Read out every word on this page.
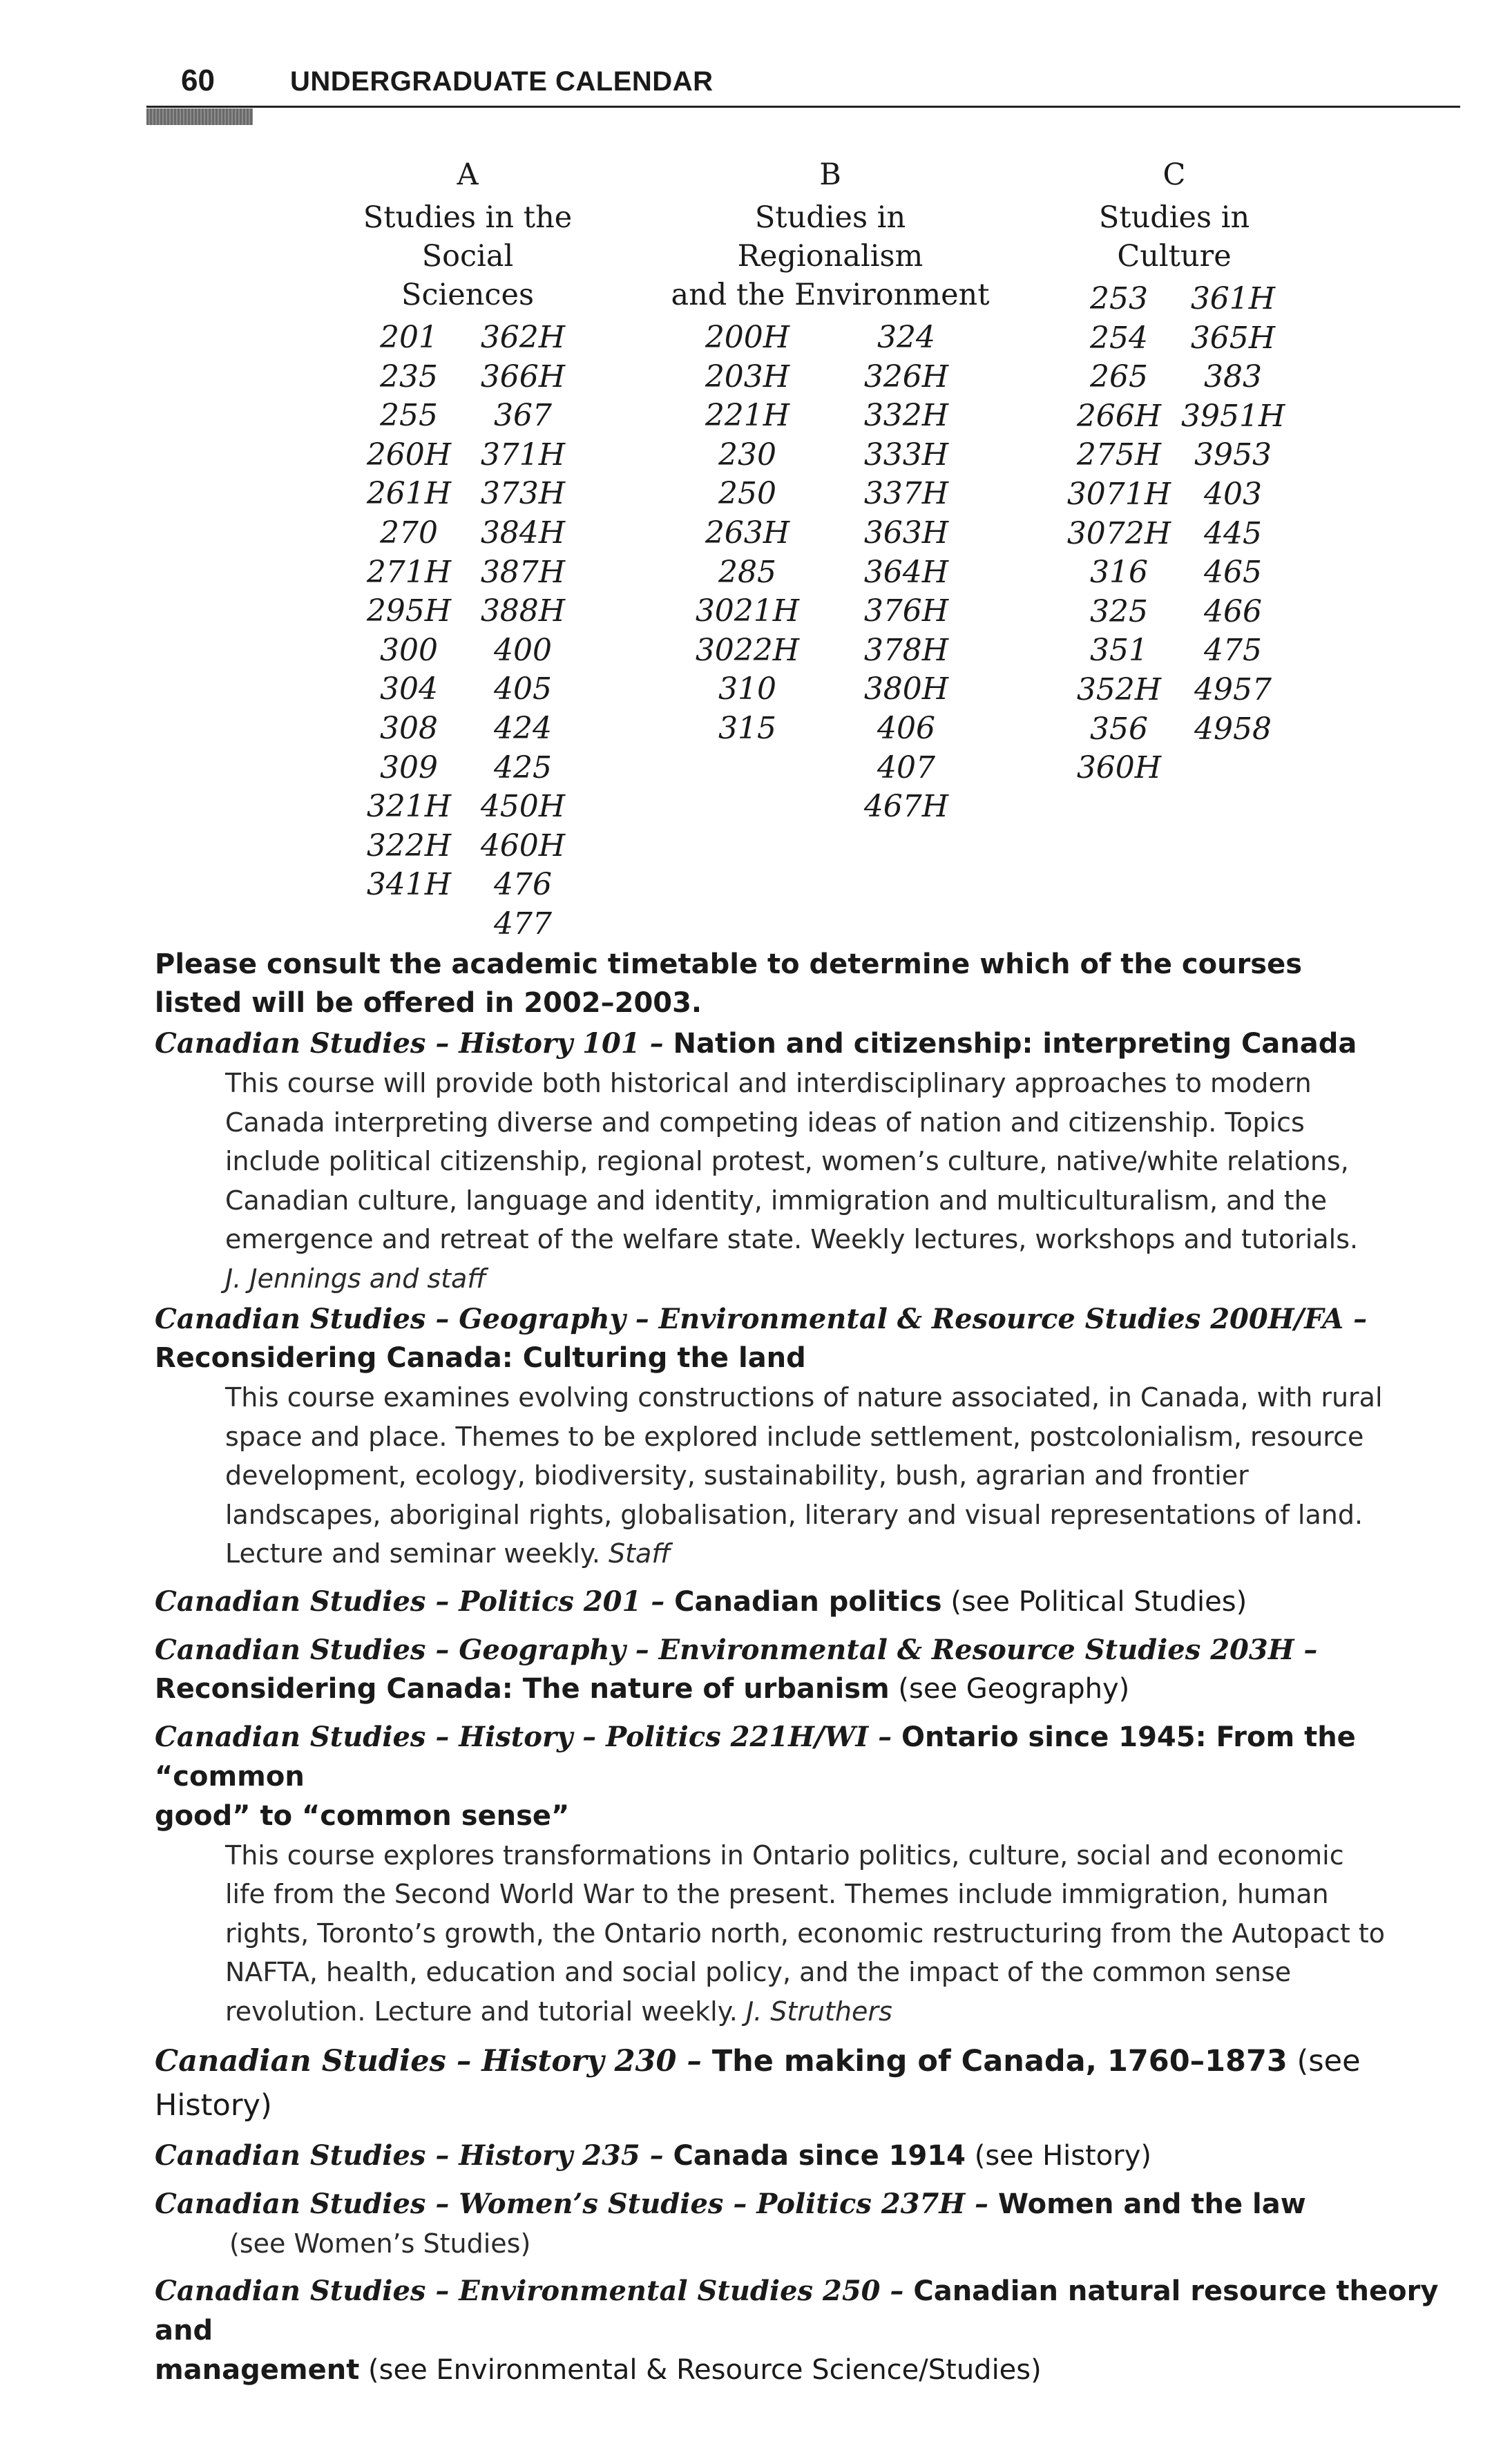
60	UNDERGRADUATE CALENDAR
A
Studies in the
Social Sciences
201
235
255
260H
261H
270
271H
295H
300
304
308
309
321H
322H
341H
362H
366H
367
371H
373H
384H
387H
388H
400
405
424
425
450H
460H
476
477
B
Studies in Regionalism
and the Environment
200H
203H
221H
230
250
263H
285
3021H
3022H
310
315
324
326H
332H
333H
337H
363H
364H
376H
378H
380H
406
407
467H
C
Studies in
Culture
253
254
265
266H
275H
3071H
3072H
316
325
351
352H
356
360H
361H
365H
383
3951H
3953
403
445
465
466
475
4957
4958
Please consult the academic timetable to determine which of the courses
listed will be offered in 2002–2003.
Canadian Studies – History 101 – Nation and citizenship: interpreting Canada
This course will provide both historical and interdisciplinary approaches to modern
Canada interpreting diverse and competing ideas of nation and citizenship. Topics
include political citizenship, regional protest, women’s culture, native/white relations,
Canadian culture, language and identity, immigration and multiculturalism, and the
emergence and retreat of the welfare state. Weekly lectures, workshops and tutorials.
J. Jennings and staff
Canadian Studies – Geography – Environmental & Resource Studies 200H/FA –
Reconsidering Canada: Culturing the land
This course examines evolving constructions of nature associated, in Canada, with rural
space and place. Themes to be explored include settlement, postcolonialism, resource
development, ecology, biodiversity, sustainability, bush, agrarian and frontier
landscapes, aboriginal rights, globalisation, literary and visual representations of land.
Lecture and seminar weekly. Staff
Canadian Studies – Politics 201 – Canadian politics (see Political Studies)
Canadian Studies – Geography – Environmental & Resource Studies 203H –
Reconsidering Canada: The nature of urbanism (see Geography)
Canadian Studies – History – Politics 221H/WI – Ontario since 1945: From the “common
good” to “common sense”
This course explores transformations in Ontario politics, culture, social and economic
life from the Second World War to the present. Themes include immigration, human
rights, Toronto’s growth, the Ontario north, economic restructuring from the Autopact to
NAFTA, health, education and social policy, and the impact of the common sense
revolution. Lecture and tutorial weekly. J. Struthers
Canadian Studies – History 230 – The making of Canada, 1760–1873 (see History)
Canadian Studies – History 235 – Canada since 1914 (see History)
Canadian Studies – Women’s Studies – Politics 237H – Women and the law
(see Women’s Studies)
Canadian Studies – Environmental Studies 250 – Canadian natural resource theory and
management (see Environmental & Resource Science/Studies)
